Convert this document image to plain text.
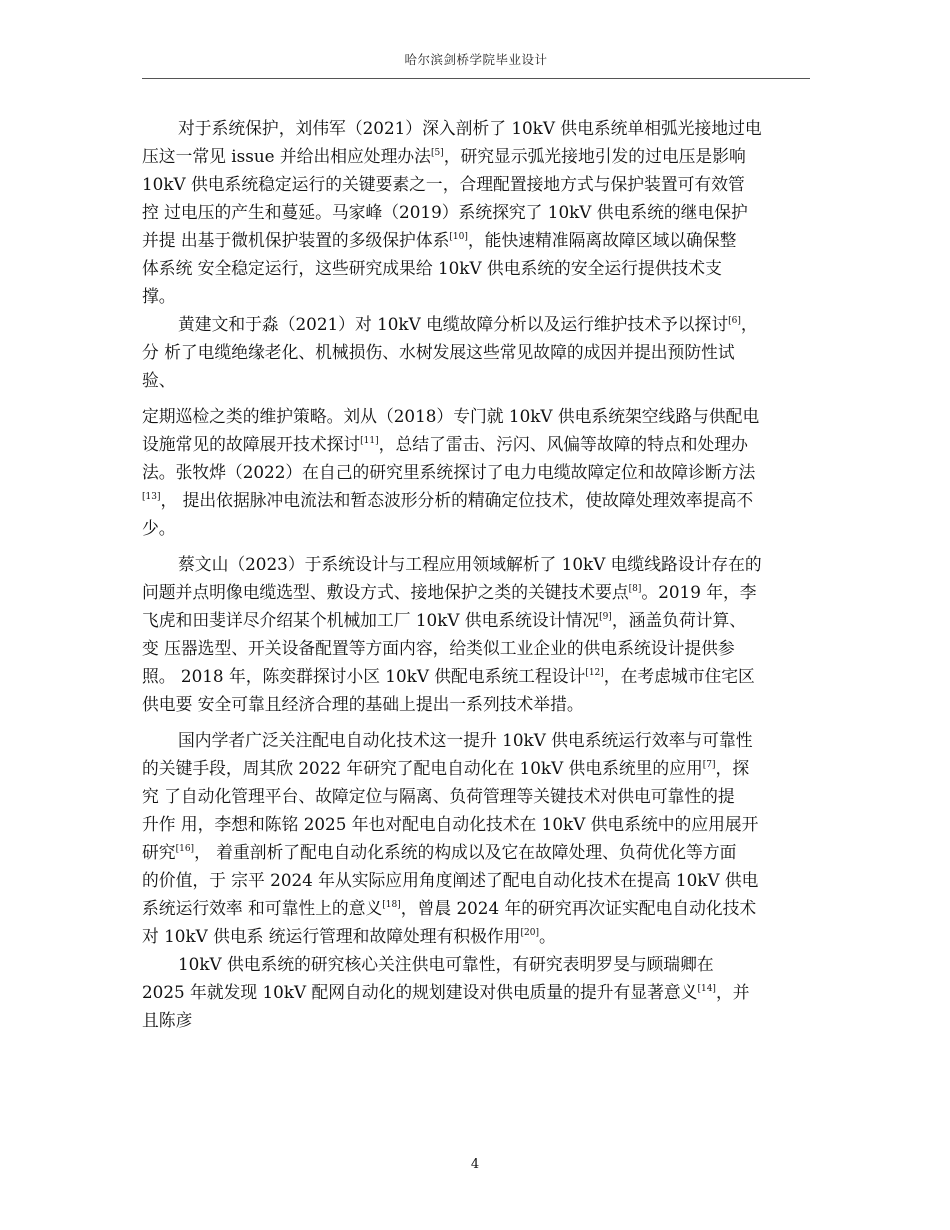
哈尔滨剑桥学院毕业设计
对于系统保护，刘伟军（2021）深入剖析了 10kV 供电系统单相弧光接地过电
压这一常见 issue 并给出相应处理办法[5]，研究显示弧光接地引发的过电压是影响
10kV 供电系统稳定运行的关键要素之一，合理配置接地方式与保护装置可有效管
控 过电压的产生和蔓延。马家峰（2019）系统探究了 10kV 供电系统的继电保护
并提 出基于微机保护装置的多级保护体系[10]，能快速精准隔离故障区域以确保整
体系统 安全稳定运行，这些研究成果给 10kV 供电系统的安全运行提供技术支
撑。
黄建文和于淼（2021）对 10kV 电缆故障分析以及运行维护技术予以探讨[6]，
分 析了电缆绝缘老化、机械损伤、水树发展这些常见故障的成因并提出预防性试
验、
定期巡检之类的维护策略。刘从（2018）专门就 10kV 供电系统架空线路与供配电
设施常见的故障展开技术探讨[11]，总结了雷击、污闪、风偏等故障的特点和处理办
法。张牧烨（2022）在自己的研究里系统探讨了电力电缆故障定位和故障诊断方法
[13]， 提出依据脉冲电流法和暂态波形分析的精确定位技术，使故障处理效率提高不
少。
蔡文山（2023）于系统设计与工程应用领域解析了 10kV 电缆线路设计存在的
问题并点明像电缆选型、敷设方式、接地保护之类的关键技术要点[8]。2019 年，李
飞虎和田斐详尽介绍某个机械加工厂 10kV 供电系统设计情况[9]，涵盖负荷计算、
变 压器选型、开关设备配置等方面内容，给类似工业企业的供电系统设计提供参
照。 2018 年，陈奕群探讨小区 10kV 供配电系统工程设计[12]，在考虑城市住宅区
供电要 安全可靠且经济合理的基础上提出一系列技术举措。
国内学者广泛关注配电自动化技术这一提升 10kV 供电系统运行效率与可靠性
的关键手段，周其欣 2022 年研究了配电自动化在 10kV 供电系统里的应用[7]，探
究 了自动化管理平台、故障定位与隔离、负荷管理等关键技术对供电可靠性的提
升作 用，李想和陈铭 2025 年也对配电自动化技术在 10kV 供电系统中的应用展开
研究[16]， 着重剖析了配电自动化系统的构成以及它在故障处理、负荷优化等方面
的价值，于 宗平 2024 年从实际应用角度阐述了配电自动化技术在提高 10kV 供电
系统运行效率 和可靠性上的意义[18]，曾晨 2024 年的研究再次证实配电自动化技术
对 10kV 供电系 统运行管理和故障处理有积极作用[20]。
10kV 供电系统的研究核心关注供电可靠性，有研究表明罗旻与顾瑞卿在
2025 年就发现 10kV 配网自动化的规划建设对供电质量的提升有显著意义[14]，并
且陈彦
4
